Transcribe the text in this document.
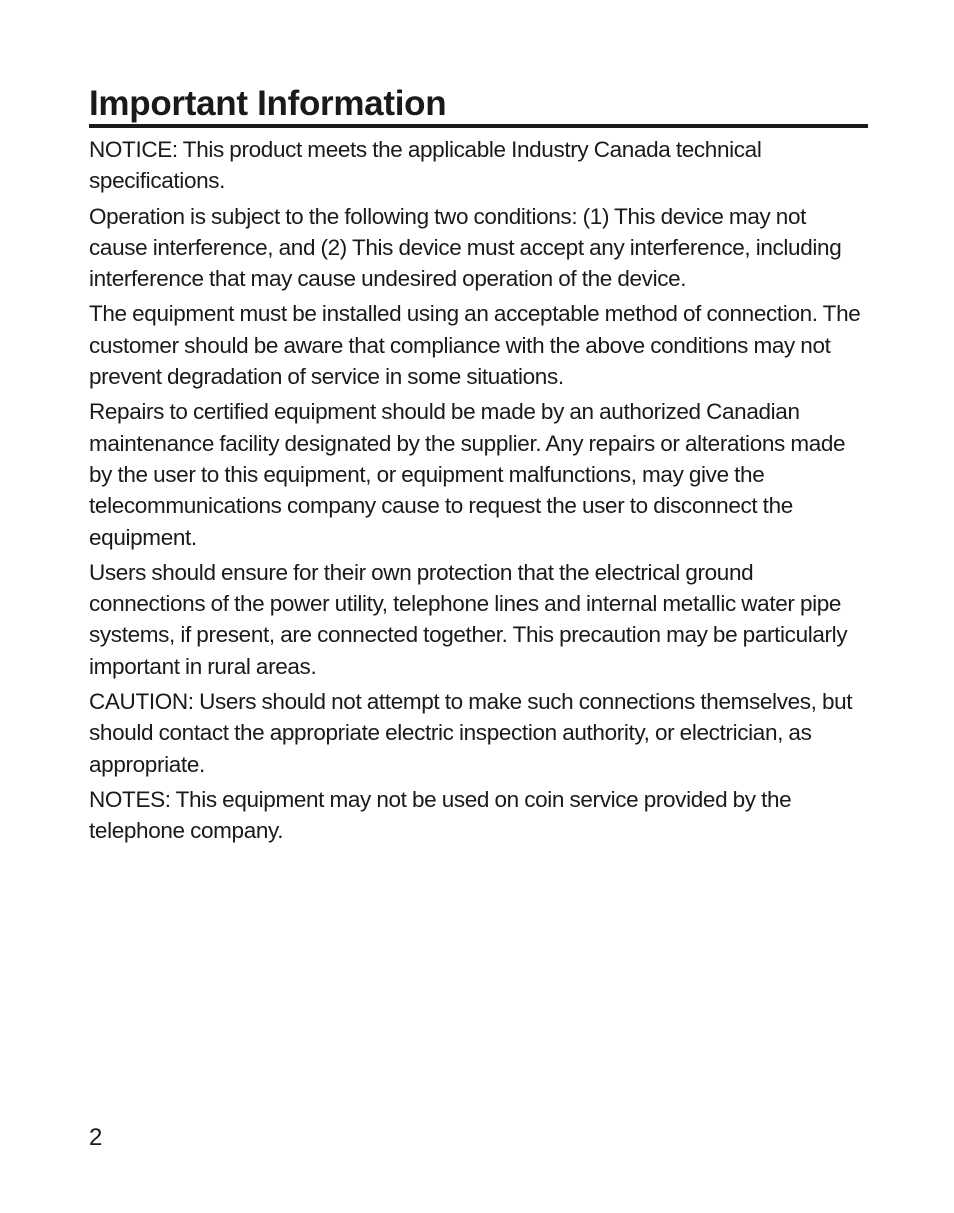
Important Information

NOTICE: This product meets the applicable Industry Canada technical specifications.

Operation is subject to the following two conditions: (1) This device may not cause interference, and (2) This device must accept any interference, including interference that may cause undesired operation of the device.

The equipment must be installed using an acceptable method of connection. The customer should be aware that compliance with the above conditions may not prevent degradation of service in some situations.

Repairs to certified equipment should be made by an authorized Canadian maintenance facility designated by the supplier. Any repairs or alterations made by the user to this equipment, or equipment malfunctions, may give the telecommunications company cause to request the user to disconnect the equipment.

Users should ensure for their own protection that the electrical ground connections of the power utility, telephone lines and internal metallic water pipe systems, if present, are connected together. This precaution may be particularly important in rural areas.

CAUTION: Users should not attempt to make such connections themselves, but should contact the appropriate electric inspection authority, or electrician, as appropriate.

NOTES: This equipment may not be used on coin service provided by the telephone company.

2
